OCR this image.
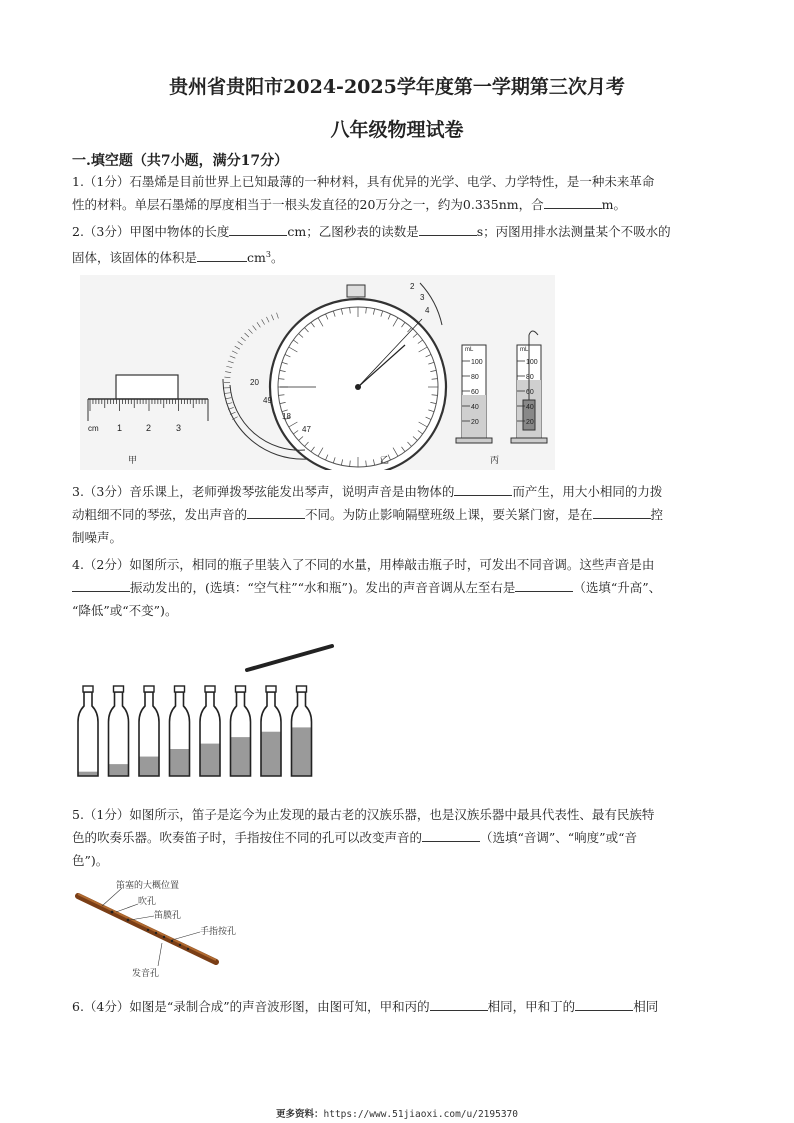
贵州省贵阳市2024-2025学年度第一学期第三次月考
八年级物理试卷
一.填空题（共7小题，满分17分）
1.（1分）石墨烯是目前世界上已知最薄的一种材料，具有优异的光学、电学、力学特性，是一种未来革命
性的材料。单层石墨烯的厚度相当于一根头发直径的20万分之一，约为0.335nm，合	m。
2.（3分）甲图中物体的长度	cm；乙图秒表的读数是	s；丙图用排水法测量某个不吸水的
固体，该固体的体积是	$cm^3$。
cm 1	2	3
甲
20
49
18
47
2
3
4
乙
mL	mL
100
80
60
40
20
100
80
60
40
20
丙
3.（3分）音乐课上，老师弹拨琴弦能发出琴声，说明声音是由物体的	而产生，用大小相同的力拨
动粗细不同的琴弦，发出声音的	不同。为防止影响隔壁班级上课，要关紧门窗，是在	控
制噪声。
4.（2分）如图所示，相同的瓶子里装入了不同的水量，用棒敲击瓶子时，可发出不同音调。这些声音是由
振动发出的，(选填：“空气柱”“水和瓶”)。发出的声音音调从左至右是	（选填“升高”、
“降低”或“不变”)。
5.（1分）如图所示，笛子是迄今为止发现的最古老的汉族乐器，也是汉族乐器中最具代表性、最有民族特
色的吹奏乐器。吹奏笛子时，手指按住不同的孔可以改变声音的	（选填“音调”、“响度”或“音
色”)。
笛塞的大概位置
吹孔
笛膜孔
手指按孔
发音孔
6.（4分）如图是“录制合成”的声音波形图，由图可知，甲和丙的	相同，甲和丁的	相同
更多资料：https://www.51jiaoxi.com/u/2195370
